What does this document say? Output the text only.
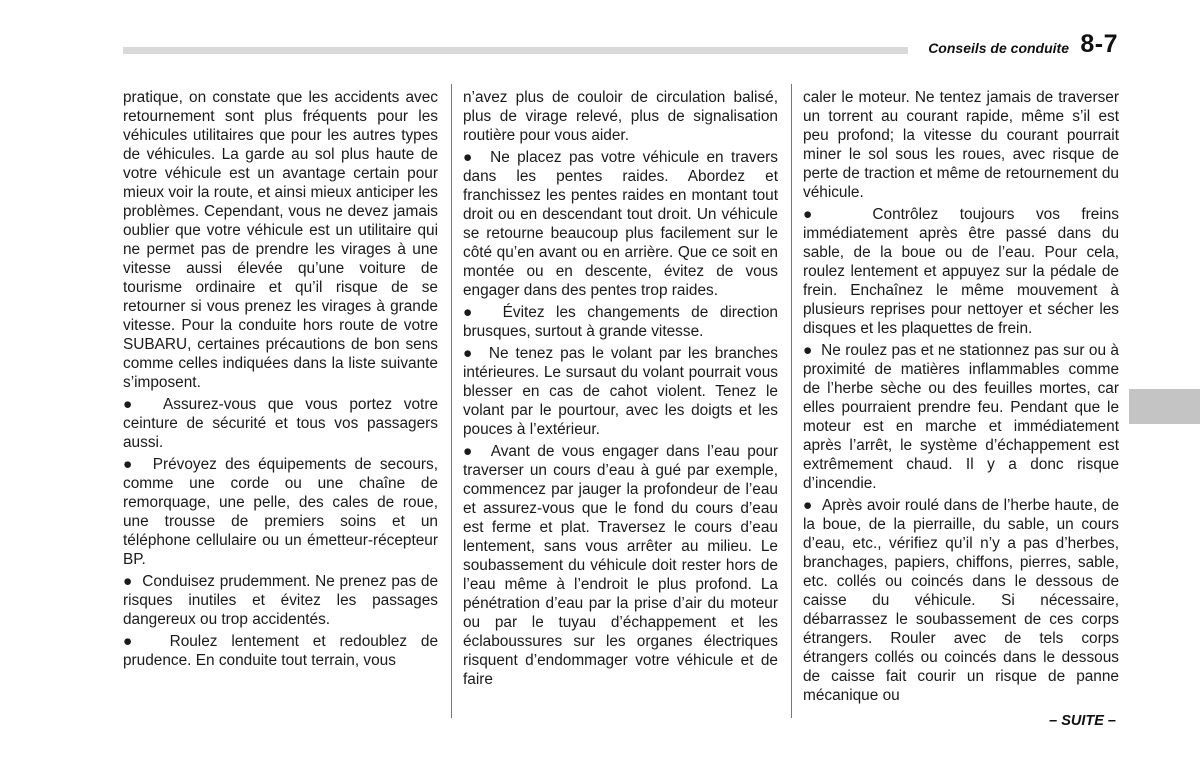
Conseils de conduite 8-7

pratique, on constate que les accidents avec retournement sont plus fréquents pour les véhicules utilitaires que pour les autres types de véhicules. La garde au sol plus haute de votre véhicule est un avantage certain pour mieux voir la route, et ainsi mieux anticiper les problèmes. Cependant, vous ne devez jamais oublier que votre véhicule est un utilitaire qui ne permet pas de prendre les virages à une vitesse aussi élevée qu’une voiture de tourisme ordinaire et qu’il risque de se retourner si vous prenez les virages à grande vitesse. Pour la conduite hors route de votre SUBARU, certaines précautions de bon sens comme celles indiquées dans la liste suivante s’imposent.

● Assurez-vous que vous portez votre ceinture de sécurité et tous vos passagers aussi.

● Prévoyez des équipements de secours, comme une corde ou une chaîne de remorquage, une pelle, des cales de roue, une trousse de premiers soins et un téléphone cellulaire ou un émetteur-récepteur BP.

● Conduisez prudemment. Ne prenez pas de risques inutiles et évitez les passages dangereux ou trop accidentés.

● Roulez lentement et redoublez de prudence. En conduite tout terrain, vous

n’avez plus de couloir de circulation balisé, plus de virage relevé, plus de signalisation routière pour vous aider.

● Ne placez pas votre véhicule en travers dans les pentes raides. Abordez et franchissez les pentes raides en montant tout droit ou en descendant tout droit. Un véhicule se retourne beaucoup plus facilement sur le côté qu’en avant ou en arrière. Que ce soit en montée ou en descente, évitez de vous engager dans des pentes trop raides.

● Évitez les changements de direction brusques, surtout à grande vitesse.

● Ne tenez pas le volant par les branches intérieures. Le sursaut du volant pourrait vous blesser en cas de cahot violent. Tenez le volant par le pourtour, avec les doigts et les pouces à l’extérieur.

● Avant de vous engager dans l’eau pour traverser un cours d’eau à gué par exemple, commencez par jauger la profondeur de l’eau et assurez-vous que le fond du cours d’eau est ferme et plat. Traversez le cours d’eau lentement, sans vous arrêter au milieu. Le soubassement du véhicule doit rester hors de l’eau même à l’endroit le plus profond. La pénétration d’eau par la prise d’air du moteur ou par le tuyau d’échappement et les éclaboussures sur les organes électriques risquent d’endommager votre véhicule et de faire

caler le moteur. Ne tentez jamais de traverser un torrent au courant rapide, même s’il est peu profond; la vitesse du courant pourrait miner le sol sous les roues, avec risque de perte de traction et même de retournement du véhicule.

●	Contrôlez toujours vos freins immédiatement après être passé dans du sable, de la boue ou de l’eau. Pour cela, roulez lentement et appuyez sur la pédale de frein. Enchaînez le même mouvement à plusieurs reprises pour nettoyer et sécher les disques et les plaquettes de frein.

● Ne roulez pas et ne stationnez pas sur ou à proximité de matières inflammables comme de l’herbe sèche ou des feuilles mortes, car elles pourraient prendre feu. Pendant que le moteur est en marche et immédiatement après l’arrêt, le système d’échappement est extrêmement chaud. Il y a donc risque d’incendie.

● Après avoir roulé dans de l’herbe haute, de la boue, de la pierraille, du sable, un cours d’eau, etc., vérifiez qu’il n’y a pas d’herbes, branchages, papiers, chiffons, pierres, sable, etc. collés ou coincés dans le dessous de caisse du véhicule. Si nécessaire, débarrassez le soubassement de ces corps étrangers. Rouler avec de tels corps étrangers collés ou coincés dans le dessous de caisse fait courir un risque de panne mécanique ou

– SUITE –
